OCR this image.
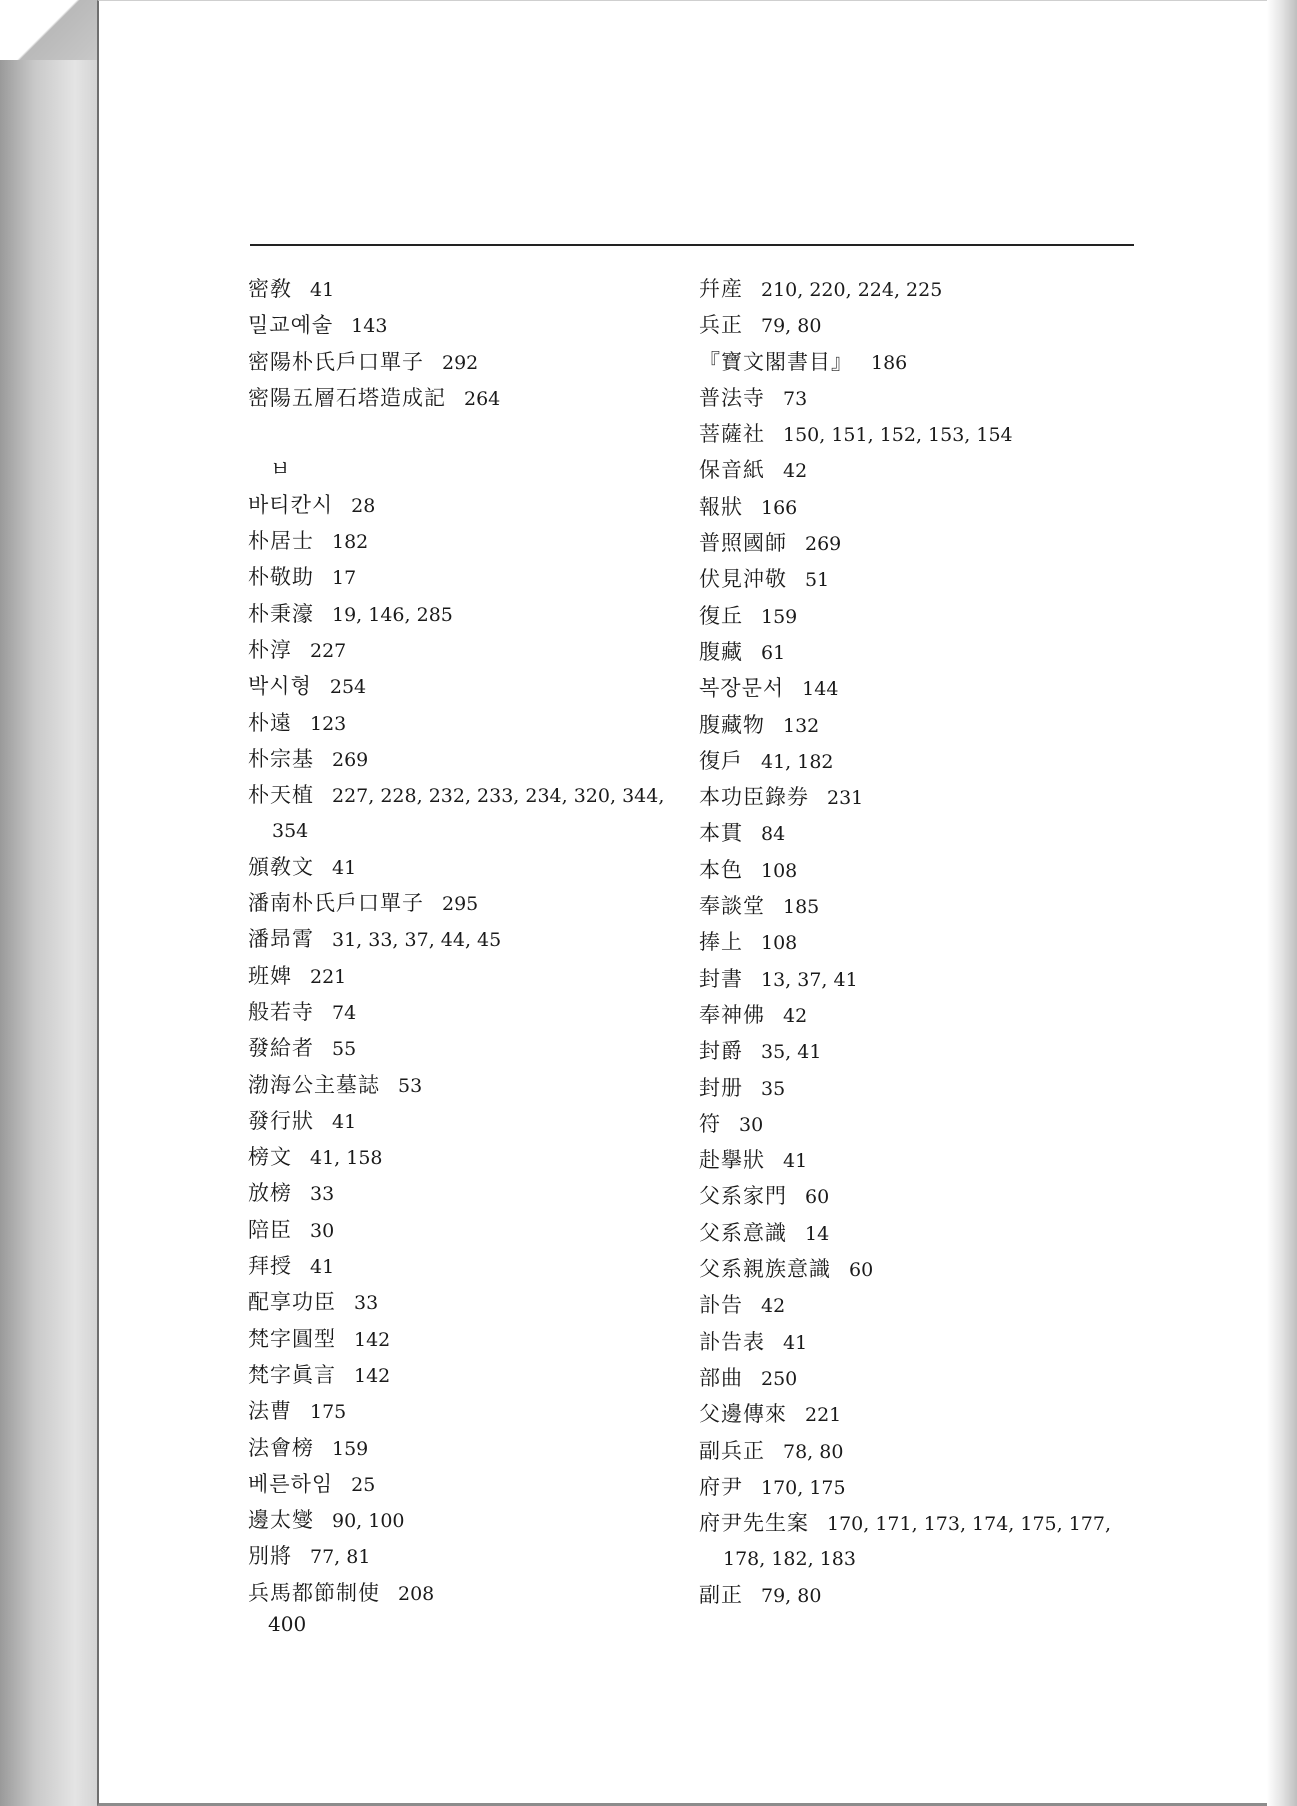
密敎 41
밀교예술 143
密陽朴氏戶口單子 292
密陽五層石塔造成記 264
ㅂ
바티칸시 28
朴居士 182
朴敬助 17
朴秉濠 19, 146, 285
朴淳 227
박시형 254
朴遠 123
朴宗基 269
朴天植 227, 228, 232, 233, 234, 320, 344,
354
頒敎文 41
潘南朴氏戶口單子 295
潘昻霄 31, 33, 37, 44, 45
班婢 221
般若寺 74
發給者 55
渤海公主墓誌 53
發行狀 41
榜文 41, 158
放榜 33
陪臣 30
拜授 41
配享功臣 33
梵字圓型 142
梵字眞言 142
法曹 175
法會榜 159
베른하임 25
邊太燮 90, 100
別將 77, 81
兵馬都節制使 208
幷産 210, 220, 224, 225
兵正 79, 80
『寶文閣書目』 186
普法寺 73
菩薩社 150, 151, 152, 153, 154
保音紙 42
報狀 166
普照國師 269
伏見沖敬 51
復丘 159
腹藏 61
복장문서 144
腹藏物 132
復戶 41, 182
本功臣錄券 231
本貫 84
本色 108
奉談堂 185
捧上 108
封書 13, 37, 41
奉神佛 42
封爵 35, 41
封册 35
符 30
赴擧狀 41
父系家門 60
父系意識 14
父系親族意識 60
訃告 42
訃告表 41
部曲 250
父邊傳來 221
副兵正 78, 80
府尹 170, 175
府尹先生案 170, 171, 173, 174, 175, 177,
178, 182, 183
副正 79, 80
400
